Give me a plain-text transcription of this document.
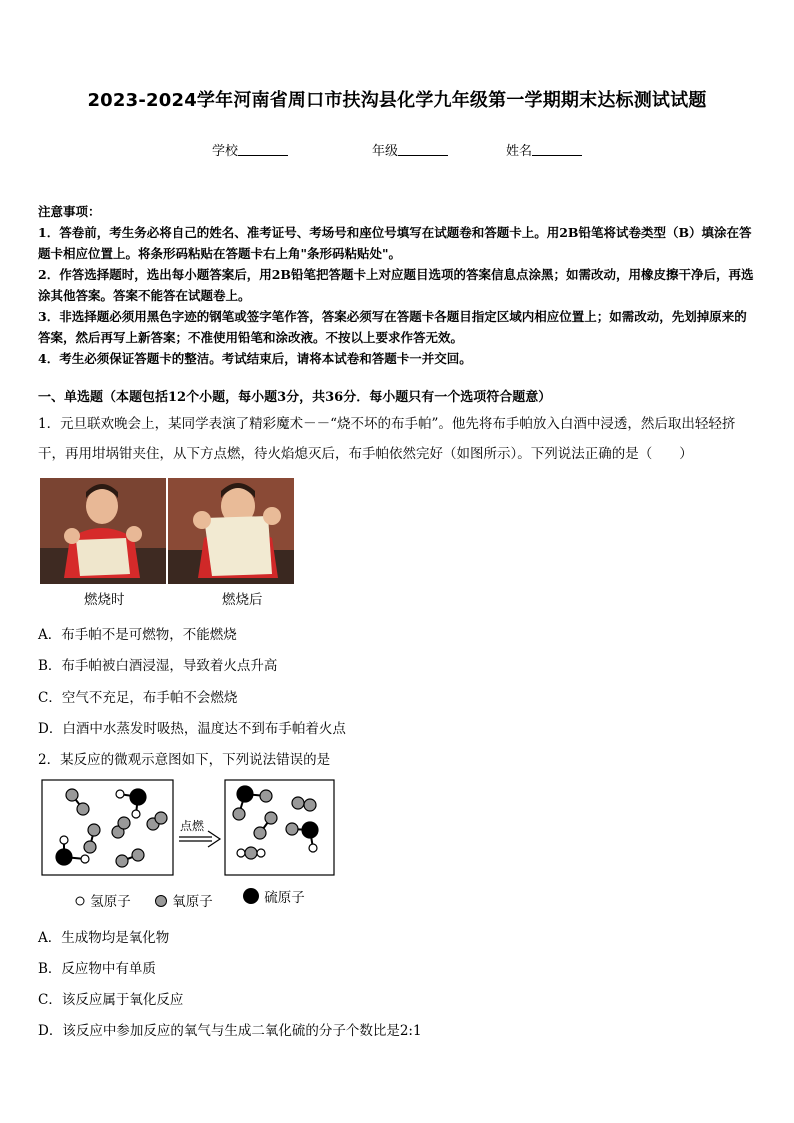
2023-2024学年河南省周口市扶沟县化学九年级第一学期期末达标测试试题
学校	年级	姓名

注意事项：

1．答卷前，考生务必将自己的姓名、准考证号、考场号和座位号填写在试题卷和答题卡上。用2B铅笔将试卷类型（B）填涂在答题卡相应位置上。将条形码粘贴在答题卡右上角"条形码粘贴处"。

2．作答选择题时，选出每小题答案后，用2B铅笔把答题卡上对应题目选项的答案信息点涂黑；如需改动，用橡皮擦干净后，再选涂其他答案。答案不能答在试题卷上。

3．非选择题必须用黑色字迹的钢笔或签字笔作答，答案必须写在答题卡各题目指定区域内相应位置上；如需改动，先划掉原来的答案，然后再写上新答案；不准使用铅笔和涂改液。不按以上要求作答无效。

4．考生必须保证答题卡的整洁。考试结束后，请将本试卷和答题卡一并交回。

一、单选题（本题包括12个小题，每小题3分，共36分．每小题只有一个选项符合题意）
1．元旦联欢晚会上，某同学表演了精彩魔术－－“烧不坏的布手帕”。他先将布手帕放入白酒中浸透，然后取出轻轻挤干，再用坩埚钳夹住，从下方点燃，待火焰熄灭后，布手帕依然完好（如图所示）。下列说法正确的是（　　）
燃烧时	燃烧后
A．布手帕不是可燃物，不能燃烧
B．布手帕被白酒浸湿，导致着火点升高
C．空气不充足，布手帕不会燃烧
D．白酒中水蒸发时吸热，温度达不到布手帕着火点
2．某反应的微观示意图如下，下列说法错误的是
点燃
氢原子	氧原子	硫原子
A．生成物均是氧化物
B．反应物中有单质
C．该反应属于氧化反应
D．该反应中参加反应的氧气与生成二氧化硫的分子个数比是2:1
